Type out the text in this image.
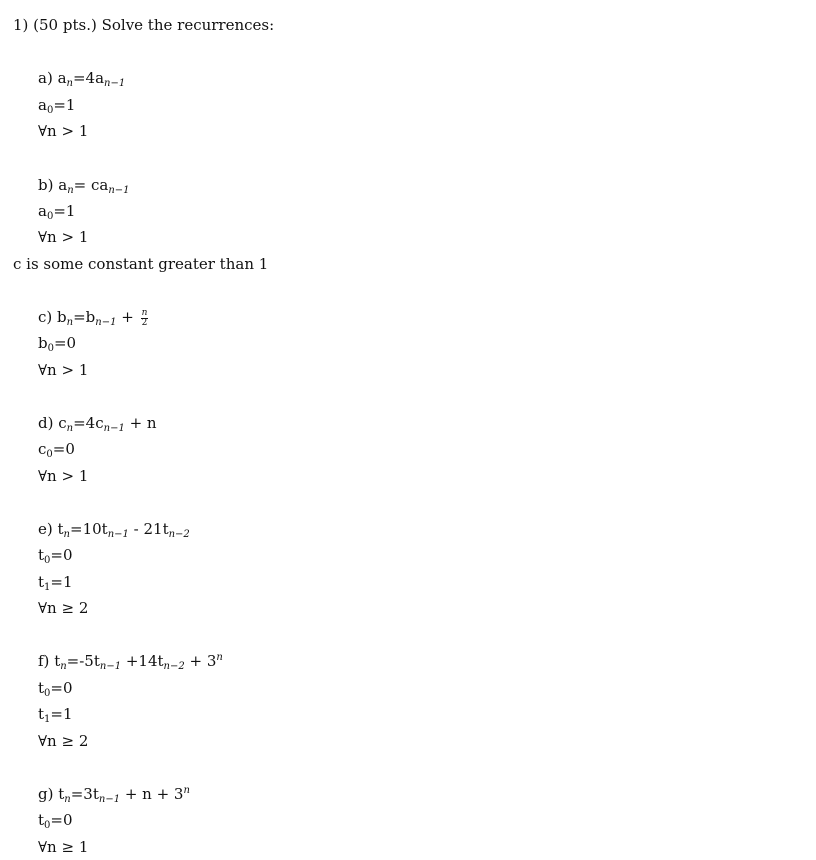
1) (50 pts.) Solve the recurrences:
a) $a_n=4a_{n-1}$
$a_0=1$
∀n > 1
b) $a_n= ca_{n-1}$
$a_0=1$
∀n > 1
c is some constant greater than 1
c) $b_n=b_{n-1} + \frac{n}{2}$
$b_0=0$
∀n > 1
d) $c_n=4c_{n-1} + n$
$c_0=0$
∀n > 1
e) $t_n=10t_{n-1} - 21t_{n-2}$
$t_0=0$
$t_1=1$
∀n ≥ 2
f) $t_n=-5t_{n-1} +14t_{n-2} + 3^n$
$t_0=0$
$t_1=1$
∀n ≥ 2
g) $t_n=3t_{n-1} + n + 3^n$
$t_0=0$
∀n ≥ 1
